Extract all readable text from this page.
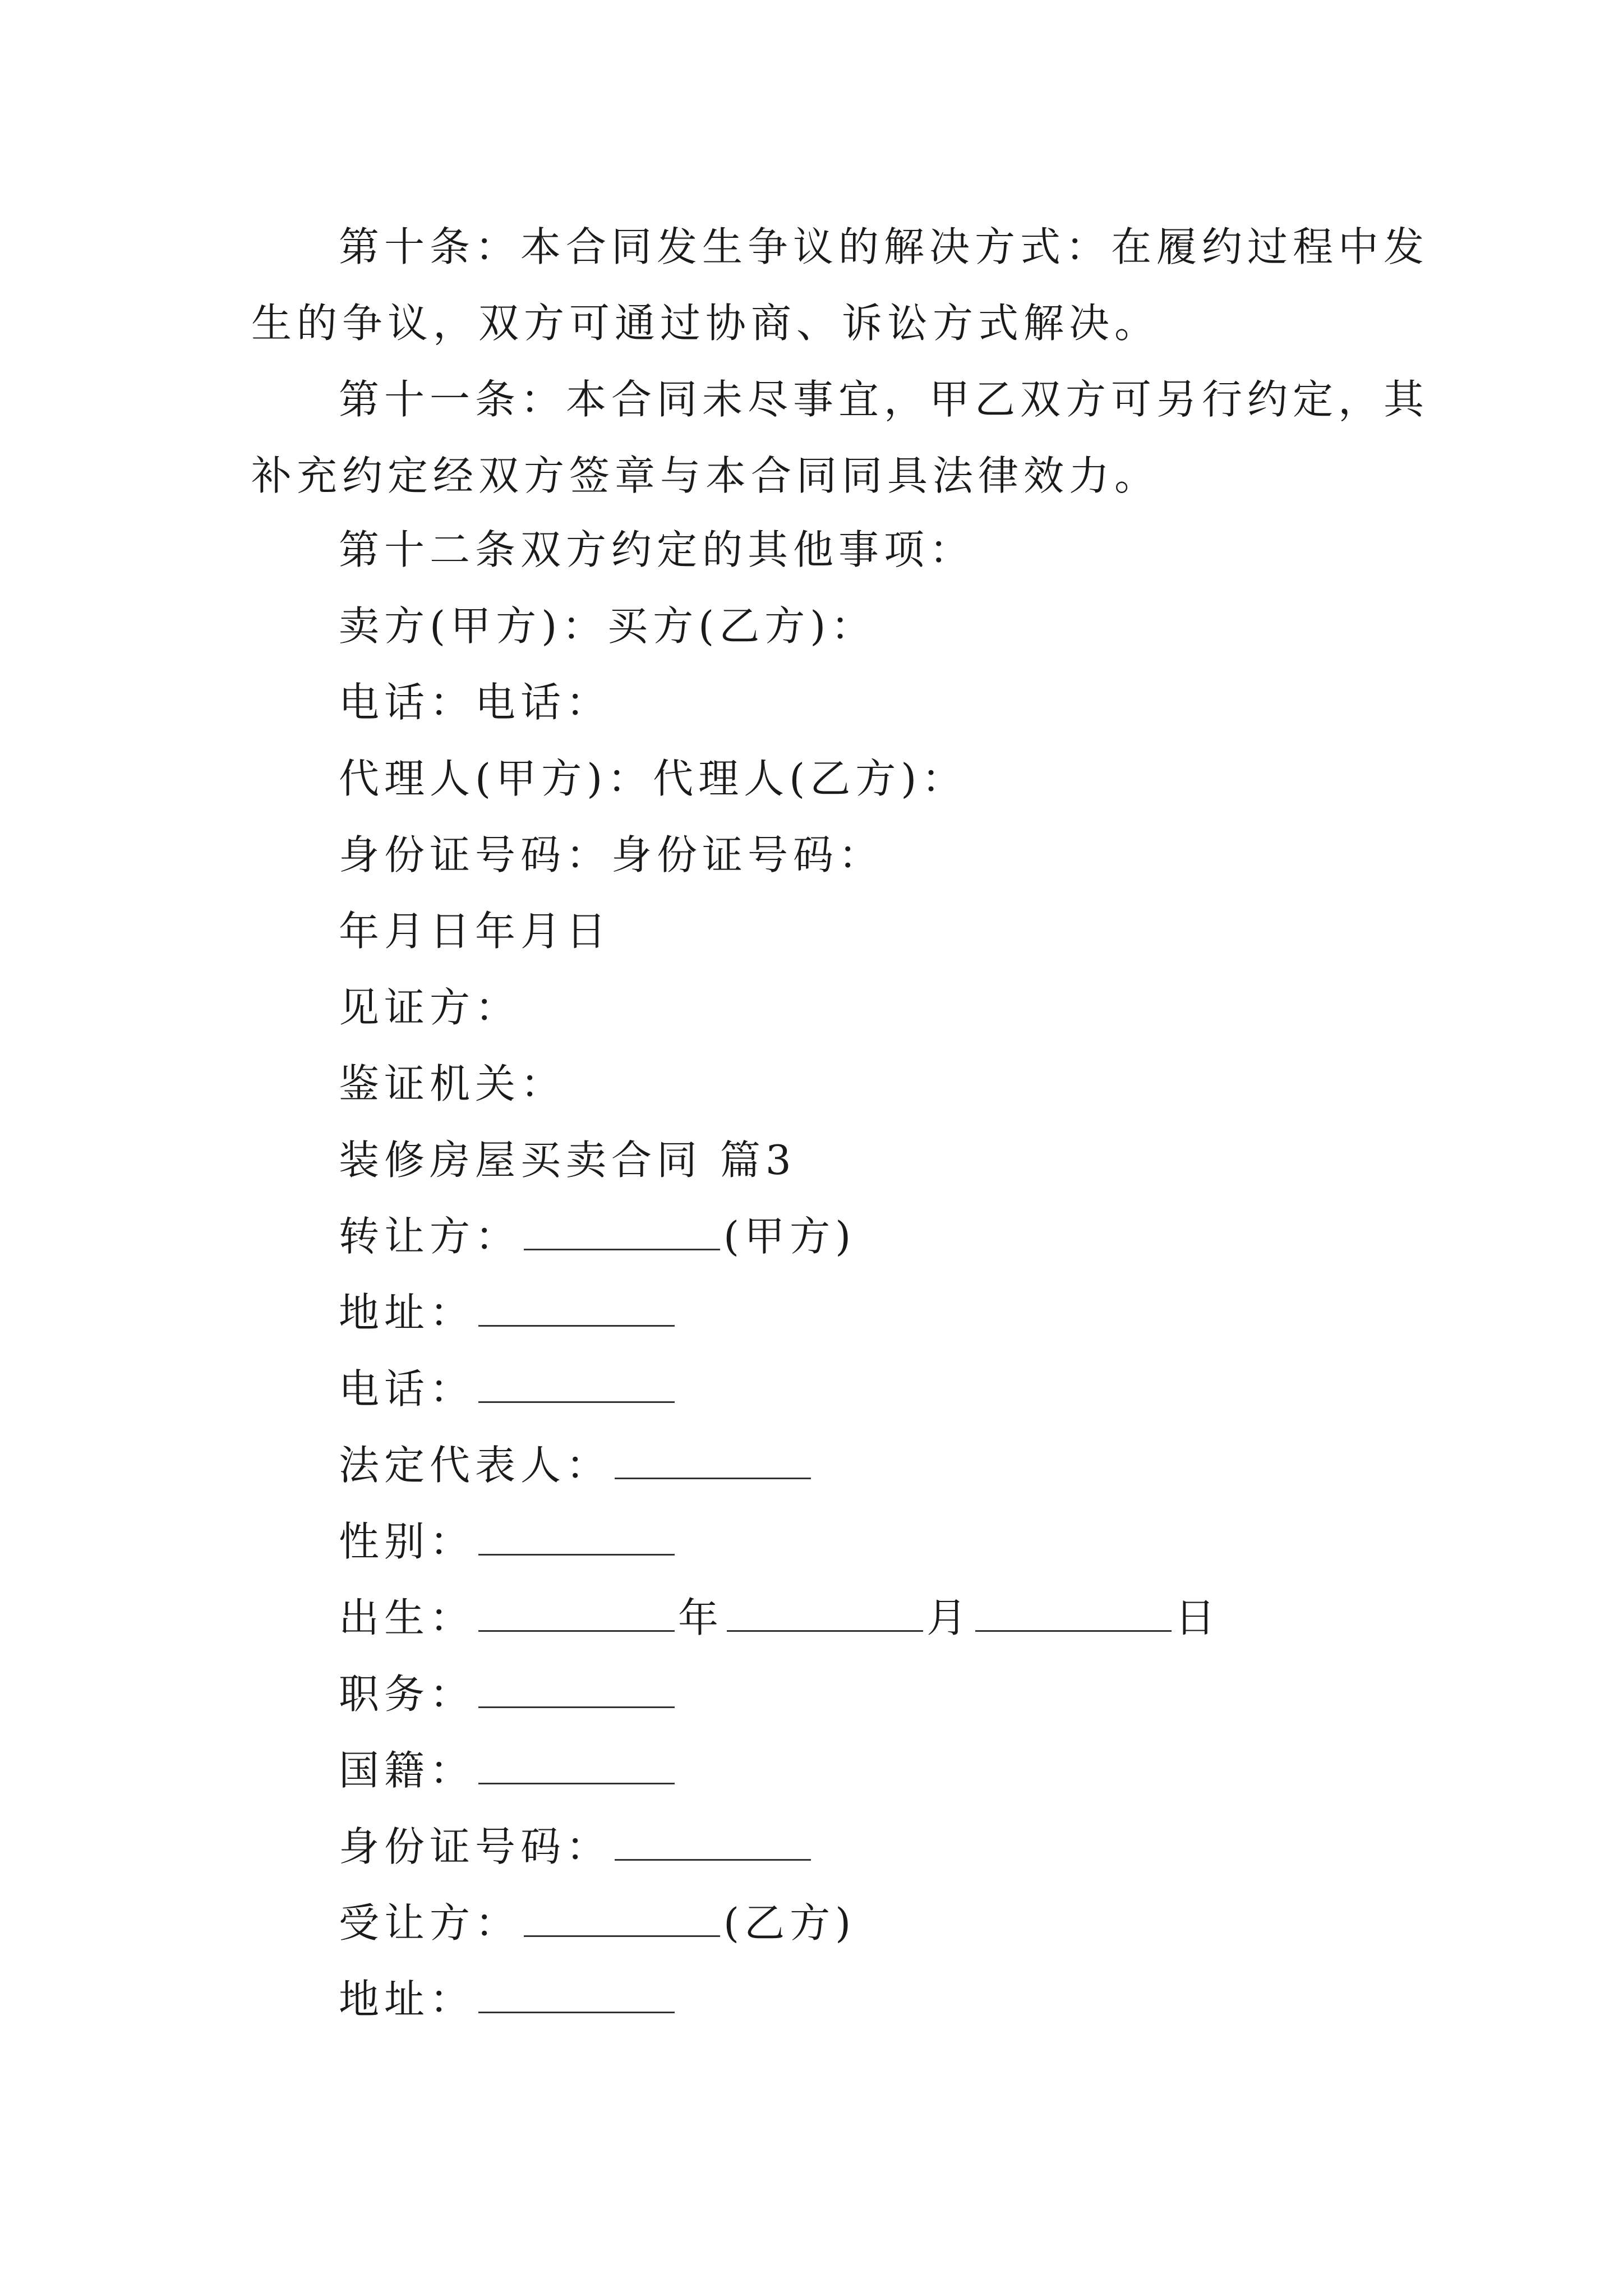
第十条：本合同发生争议的解决方式：在履约过程中发
生的争议，双方可通过协商、诉讼方式解决。
第十一条：本合同未尽事宜，甲乙双方可另行约定，其
补充约定经双方签章与本合同同具法律效力。
第十二条双方约定的其他事项：
卖方(甲方)：买方(乙方)：
电话：电话：
代理人(甲方)：代理人(乙方)：
身份证号码：身份证号码：
年月日年月日
见证方：
鉴证机关：
装修房屋买卖合同 篇3
转让方：	(甲方)
地址：
电话：
法定代表人：
性别：
出生：	年	月	日
职务：
国籍：
身份证号码：
受让方：	(乙方)
地址：
